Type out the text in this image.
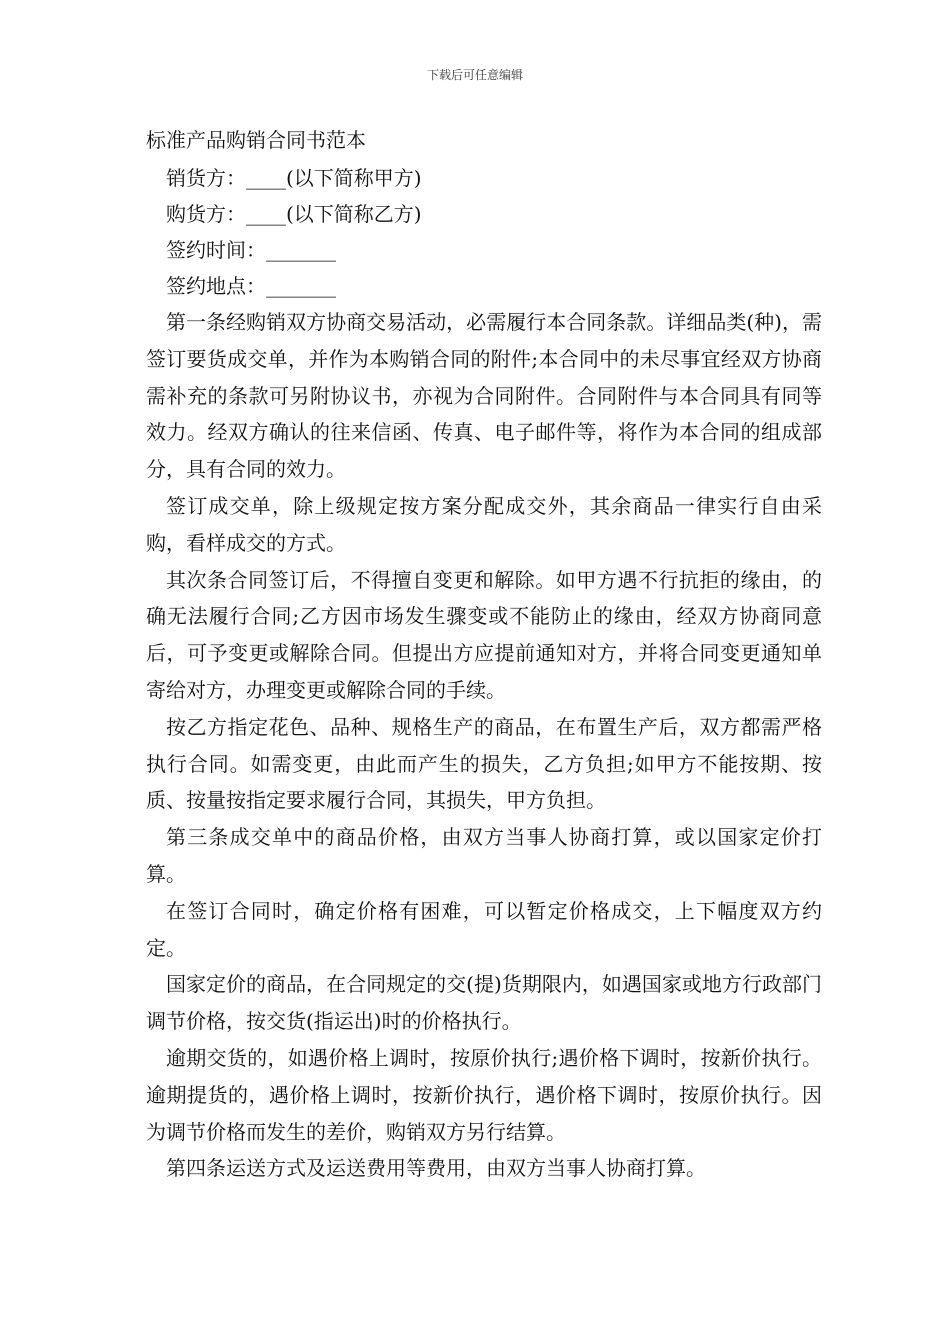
下载后可任意编辑
标准产品购销合同书范本

销货方：____(以下简称甲方)

购货方：____(以下简称乙方)

签约时间：_______

签约地点：_______

第一条经购销双方协商交易活动，必需履行本合同条款。详细品类(种)，需签订要货成交单，并作为本购销合同的附件;本合同中的未尽事宜经双方协商需补充的条款可另附协议书，亦视为合同附件。合同附件与本合同具有同等效力。经双方确认的往来信函、传真、电子邮件等，将作为本合同的组成部分，具有合同的效力。

签订成交单，除上级规定按方案分配成交外，其余商品一律实行自由采购，看样成交的方式。

其次条合同签订后，不得擅自变更和解除。如甲方遇不行抗拒的缘由，的确无法履行合同;乙方因市场发生骤变或不能防止的缘由，经双方协商同意后，可予变更或解除合同。但提出方应提前通知对方，并将合同变更通知单寄给对方，办理变更或解除合同的手续。

按乙方指定花色、品种、规格生产的商品，在布置生产后，双方都需严格执行合同。如需变更，由此而产生的损失，乙方负担;如甲方不能按期、按质、按量按指定要求履行合同，其损失，甲方负担。

第三条成交单中的商品价格，由双方当事人协商打算，或以国家定价打算。

在签订合同时，确定价格有困难，可以暂定价格成交，上下幅度双方约定。

国家定价的商品，在合同规定的交(提)货期限内，如遇国家或地方行政部门调节价格，按交货(指运出)时的价格执行。

逾期交货的，如遇价格上调时，按原价执行;遇价格下调时，按新价执行。逾期提货的，遇价格上调时，按新价执行，遇价格下调时，按原价执行。因为调节价格而发生的差价，购销双方另行结算。

第四条运送方式及运送费用等费用，由双方当事人协商打算。
